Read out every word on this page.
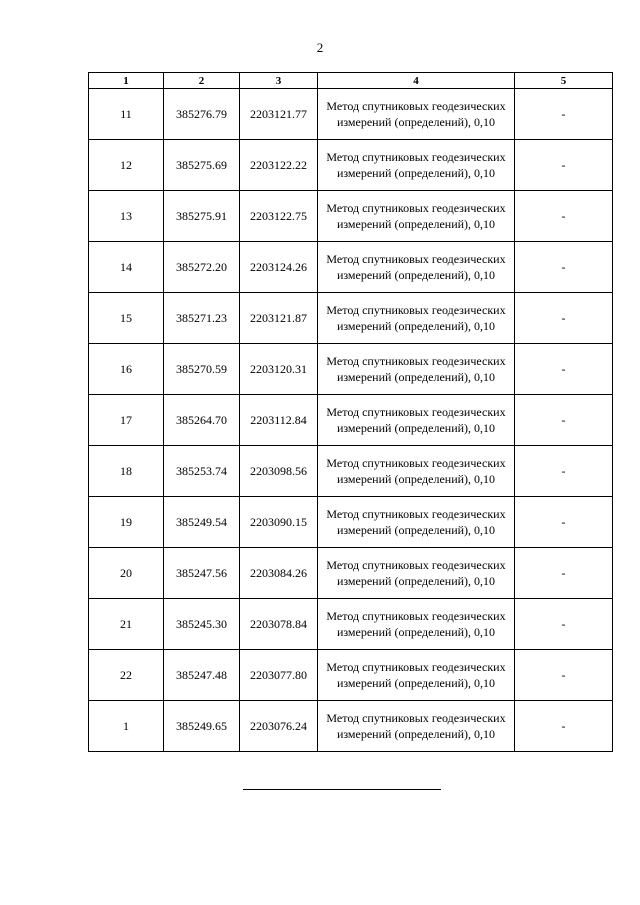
2
1	2	3	4	5
11	385276.79	2203121.77	Метод спутниковых геодезических измерений (определений), 0,10	-
12	385275.69	2203122.22	Метод спутниковых геодезических измерений (определений), 0,10	-
13	385275.91	2203122.75	Метод спутниковых геодезических измерений (определений), 0,10	-
14	385272.20	2203124.26	Метод спутниковых геодезических измерений (определений), 0,10	-
15	385271.23	2203121.87	Метод спутниковых геодезических измерений (определений), 0,10	-
16	385270.59	2203120.31	Метод спутниковых геодезических измерений (определений), 0,10	-
17	385264.70	2203112.84	Метод спутниковых геодезических измерений (определений), 0,10	-
18	385253.74	2203098.56	Метод спутниковых геодезических измерений (определений), 0,10	-
19	385249.54	2203090.15	Метод спутниковых геодезических измерений (определений), 0,10	-
20	385247.56	2203084.26	Метод спутниковых геодезических измерений (определений), 0,10	-
21	385245.30	2203078.84	Метод спутниковых геодезических измерений (определений), 0,10	-
22	385247.48	2203077.80	Метод спутниковых геодезических измерений (определений), 0,10	-
1	385249.65	2203076.24	Метод спутниковых геодезических измерений (определений), 0,10	-
